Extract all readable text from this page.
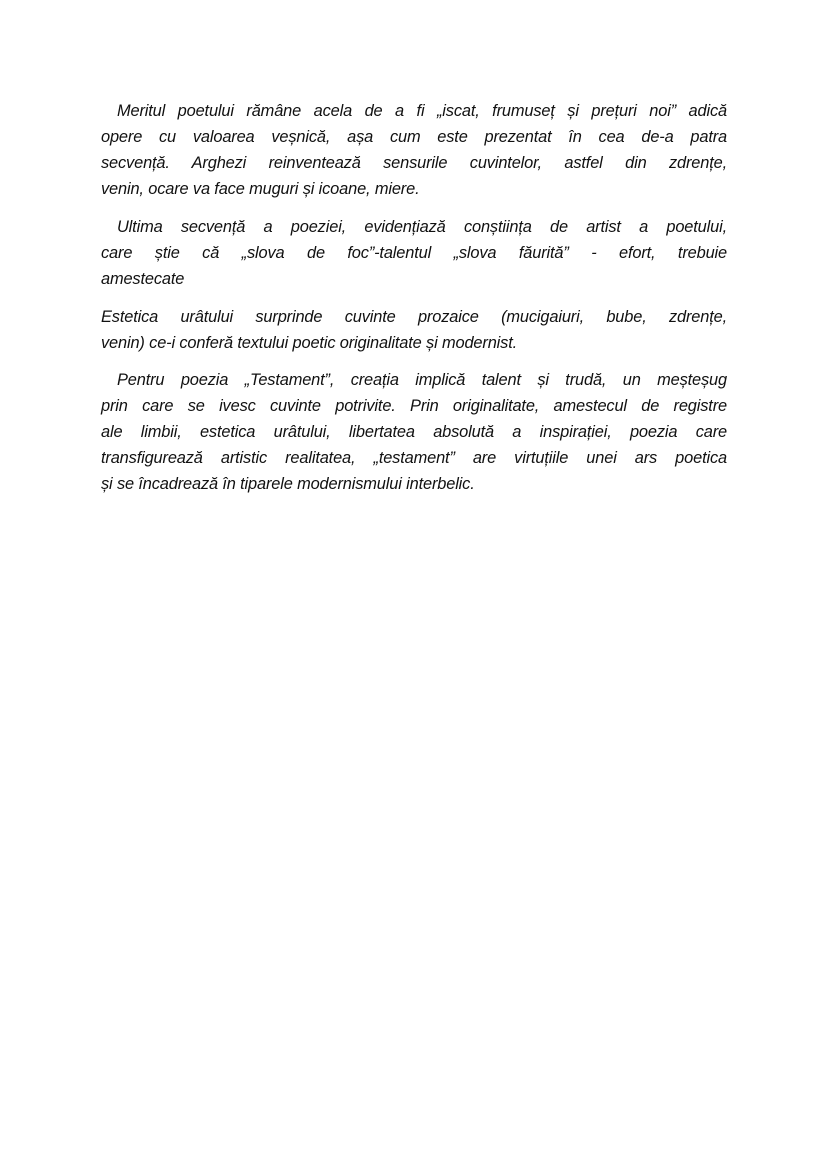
Meritul poetului rămâne acela de a fi „iscat, frumuseț și prețuri noi” adică
opere cu valoarea veșnică, așa cum este prezentat în cea de-a patra
secvență. Arghezi reinventează sensurile cuvintelor, astfel din zdrențe,
venin, ocare va face muguri și icoane, miere.
Ultima secvență a poeziei, evidențiază conștiința de artist a poetului,
care știe că „slova de foc”-talentul „slova făurită” - efort, trebuie
amestecate
Estetica urâtului surprinde cuvinte prozaice (mucigaiuri, bube, zdrențe,
venin) ce-i conferă textului poetic originalitate și modernist.
Pentru poezia „Testament”, creația implică talent și trudă, un meșteșug
prin care se ivesc cuvinte potrivite. Prin originalitate, amestecul de registre
ale limbii, estetica urâtului, libertatea absolută a inspirației, poezia care
transfigurează artistic realitatea, „testament” are virtuțiile unei ars poetica
și se încadrează în tiparele modernismului interbelic.
